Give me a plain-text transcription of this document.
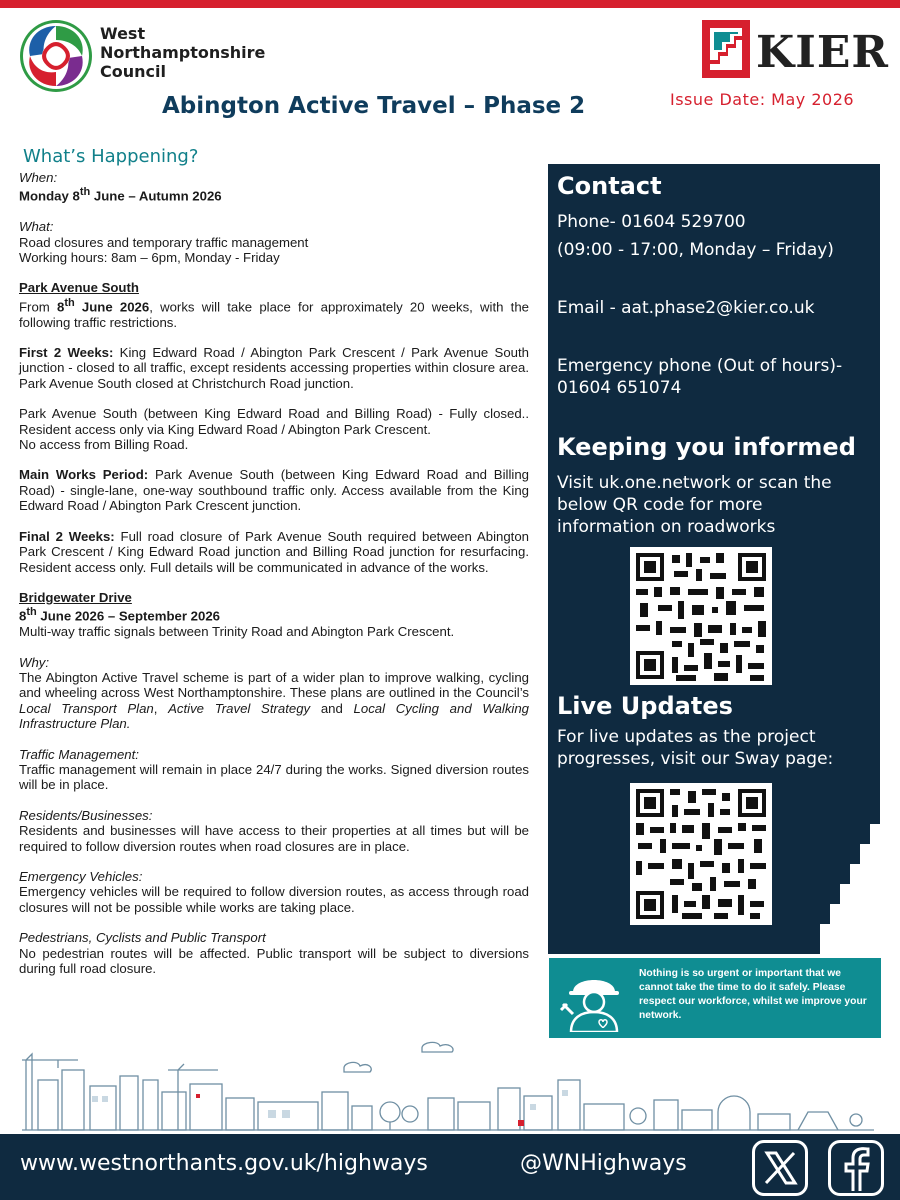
West
Northamptonshire
Council	KIER
Issue Date: May 2026
Abington Active Travel – Phase 2
What’s Happening?

When:

Monday 8th June – Autumn 2026

What:

Road closures and temporary traffic management

Working hours: 8am – 6pm, Monday - Friday

Park Avenue South

From 8th June 2026, works will take place for approximately 20 weeks, with the following traffic restrictions.

First 2 Weeks: King Edward Road / Abington Park Crescent / Park Avenue South junction - closed to all traffic, except residents accessing properties within closure area. Park Avenue South closed at Christchurch Road junction.

Park Avenue South (between King Edward Road and Billing Road) - Fully closed.. Resident access only via King Edward Road / Abington Park Crescent.

No access from Billing Road.

Main Works Period: Park Avenue South (between King Edward Road and Billing Road) - single-lane, one-way southbound traffic only. Access available from the King Edward Road / Abington Park Crescent junction.

Final 2 Weeks: Full road closure of Park Avenue South required between Abington Park Crescent / King Edward Road junction and Billing Road junction for resurfacing. Resident access only. Full details will be communicated in advance of the works.

Bridgewater Drive

8th June 2026 – September 2026

Multi-way traffic signals between Trinity Road and Abington Park Crescent.

Why:

The Abington Active Travel scheme is part of a wider plan to improve walking, cycling and wheeling across West Northamptonshire. These plans are outlined in the Council’s Local Transport Plan, Active Travel Strategy and Local Cycling and Walking Infrastructure Plan.

Traffic Management:

Traffic management will remain in place 24/7 during the works. Signed diversion routes will be in place.

Residents/Businesses:

Residents and businesses will have access to their properties at all times but will be required to follow diversion routes when road closures are in place.

Emergency Vehicles:

Emergency vehicles will be required to follow diversion routes, as access through road closures will not be possible while works are taking place.

Pedestrians, Cyclists and Public Transport

No pedestrian routes will be affected. Public transport will be subject to diversions during full road closure.

Contact
Phone- 01604 529700
(09:00 - 17:00, Monday – Friday)
Email - aat.phase2@kier.co.uk
Emergency phone (Out of hours)-
01604 651074
Keeping you informed
Visit uk.one.network or scan the
below QR code for more
information on roadworks
Live Updates
For live updates as the project
progresses, visit our Sway page:
Nothing is so urgent or important that we cannot take the time to do it safely. Please respect our workforce, whilst we improve your network.
www.westnorthants.gov.uk/highways	@WNHighways
